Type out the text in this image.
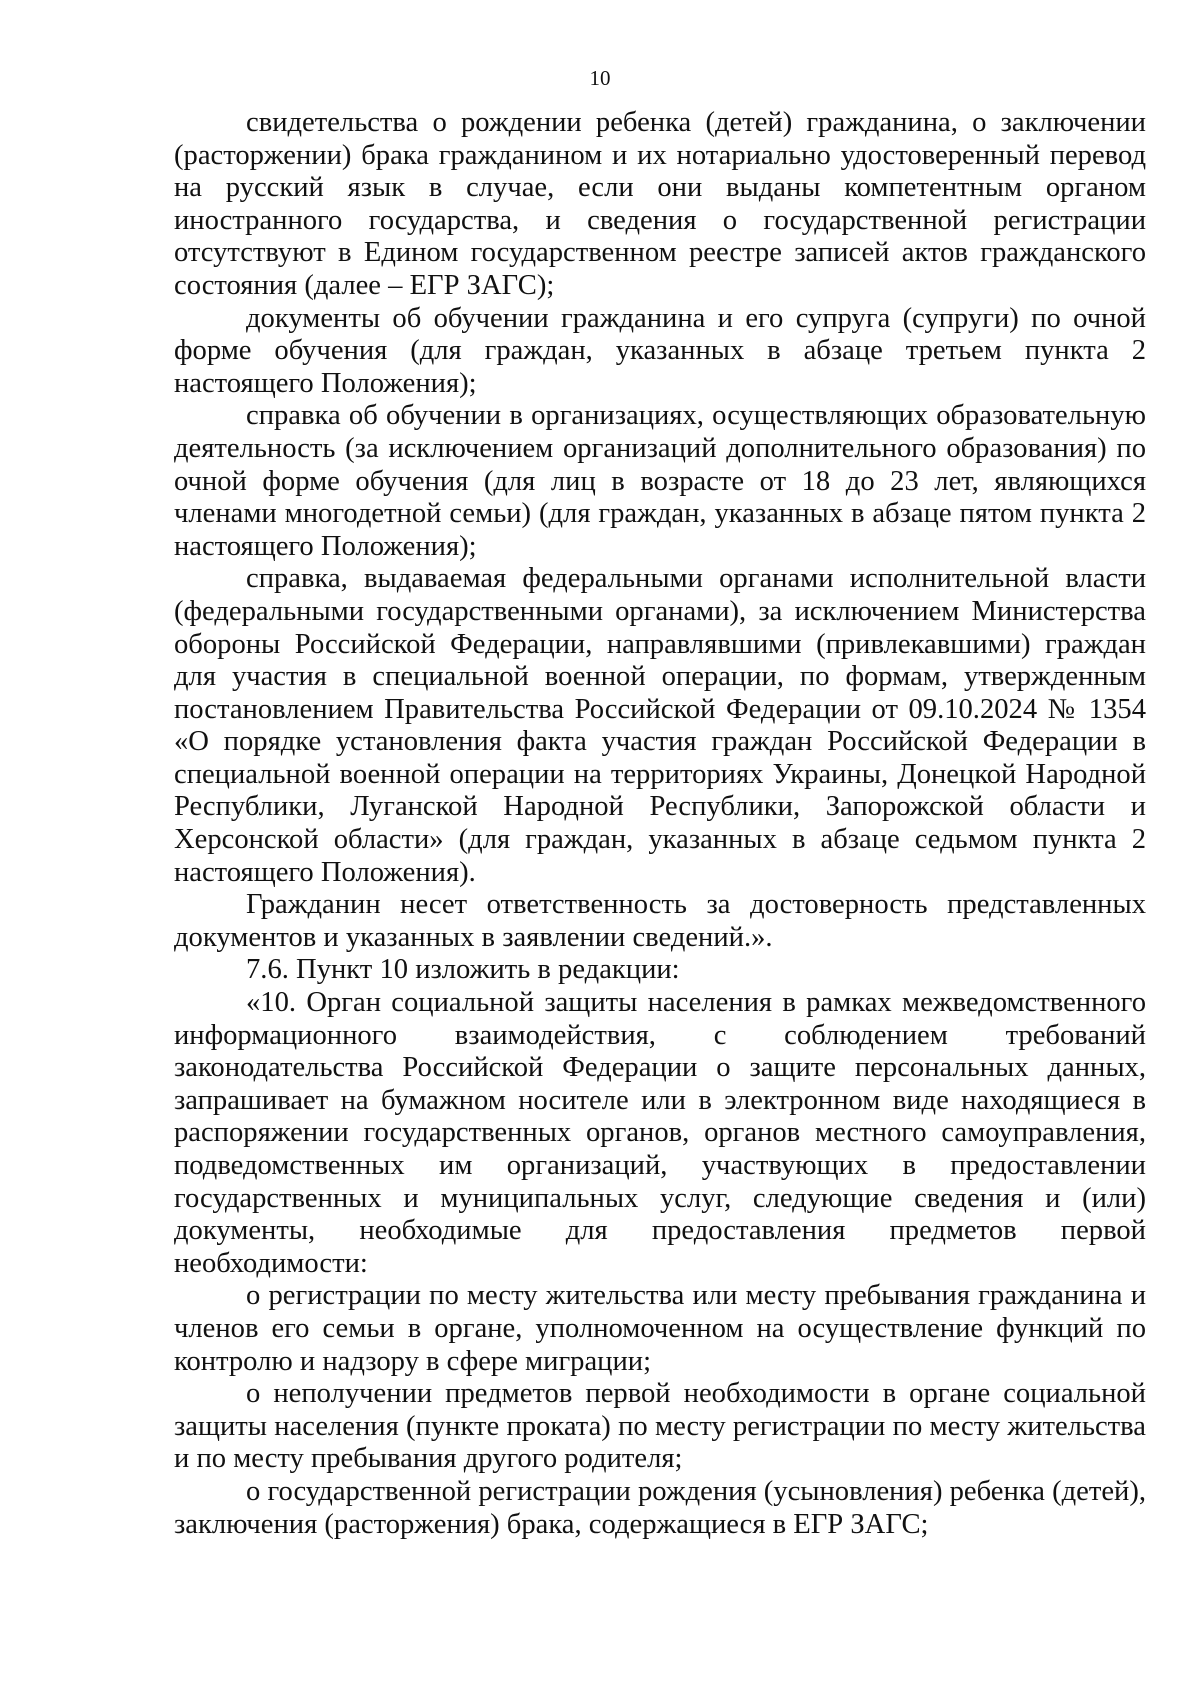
10

свидетельства о рождении ребенка (детей) гражданина, о заключении (расторжении) брака гражданином и их нотариально удостоверенный перевод на русский язык в случае, если они выданы компетентным органом иностранного государства, и сведения о государственной регистрации отсутствуют в Едином государственном реестре записей актов гражданского состояния (далее – ЕГР ЗАГС);

документы об обучении гражданина и его супруга (супруги) по очной форме обучения (для граждан, указанных в абзаце третьем пункта 2 настоящего Положения);

справка об обучении в организациях, осуществляющих образовательную деятельность (за исключением организаций дополнительного образования) по очной форме обучения (для лиц в возрасте от 18 до 23 лет, являющихся членами многодетной семьи) (для граждан, указанных в абзаце пятом пункта 2 настоящего Положения);

справка, выдаваемая федеральными органами исполнительной власти (федеральными государственными органами), за исключением Министерства обороны Российской Федерации, направлявшими (привлекавшими) граждан для участия в специальной военной операции, по формам, утвержденным постановлением Правительства Российской Федерации от 09.10.2024 № 1354 «О порядке установления факта участия граждан Российской Федерации в специальной военной операции на территориях Украины, Донецкой Народной Республики, Луганской Народной Республики, Запорожской области и Херсонской области» (для граждан, указанных в абзаце седьмом пункта 2 настоящего Положения).

Гражданин несет ответственность за достоверность представленных документов и указанных в заявлении сведений.».

7.6. Пункт 10 изложить в редакции:

«10. Орган социальной защиты населения в рамках межведомственного информационного взаимодействия, с соблюдением требований законодательства Российской Федерации о защите персональных данных, запрашивает на бумажном носителе или в электронном виде находящиеся в распоряжении государственных органов, органов местного самоуправления, подведомственных им организаций, участвующих в предоставлении государственных и муниципальных услуг, следующие сведения и (или) документы, необходимые для предоставления предметов первой необходимости:

о регистрации по месту жительства или месту пребывания гражданина и членов его семьи в органе, уполномоченном на осуществление функций по контролю и надзору в сфере миграции;

о неполучении предметов первой необходимости в органе социальной защиты населения (пункте проката) по месту регистрации по месту жительства и по месту пребывания другого родителя;

о государственной регистрации рождения (усыновления) ребенка (детей), заключения (расторжения) брака, содержащиеся в ЕГР ЗАГС;
